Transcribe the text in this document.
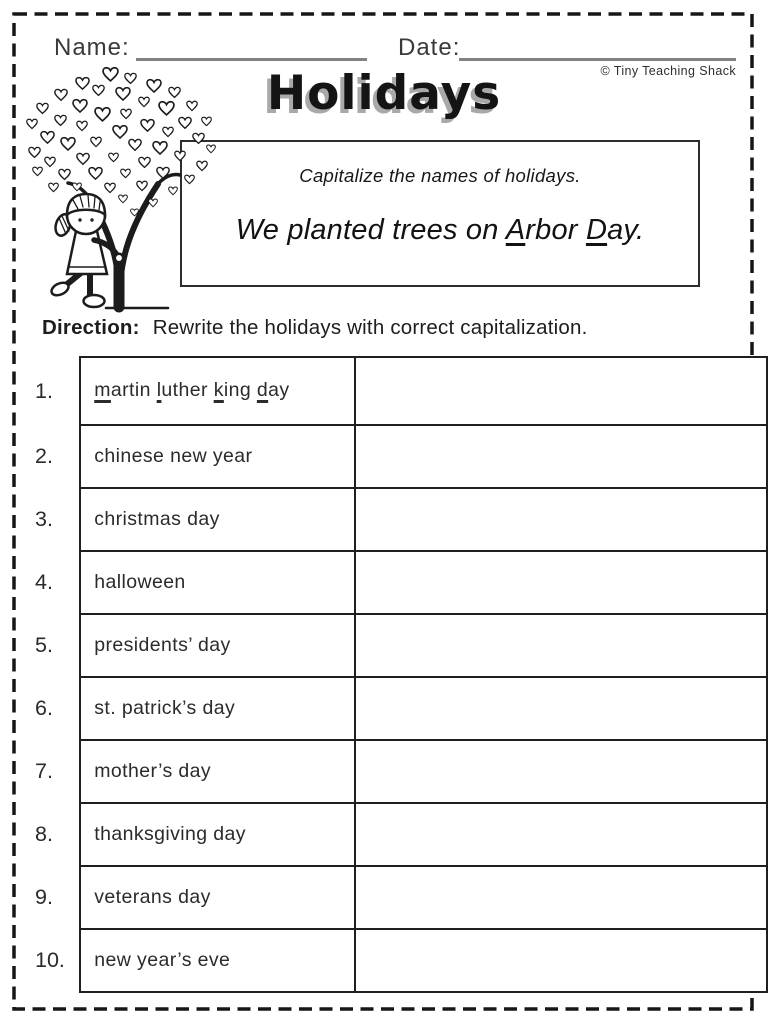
Name:	Date:
© Tiny Teaching Shack
Holidays
Capitalize the names of holidays.
We planted trees on Arbor Day.
Direction: Rewrite the holidays with correct capitalization.
1.	martin luther king day	
2.	chinese new year	
3.	christmas day	
4.	halloween	
5.	presidents’ day	
6.	st. patrick’s day	
7.	mother’s day	
8.	thanksgiving day	
9.	veterans day	
10.	new year’s eve	
